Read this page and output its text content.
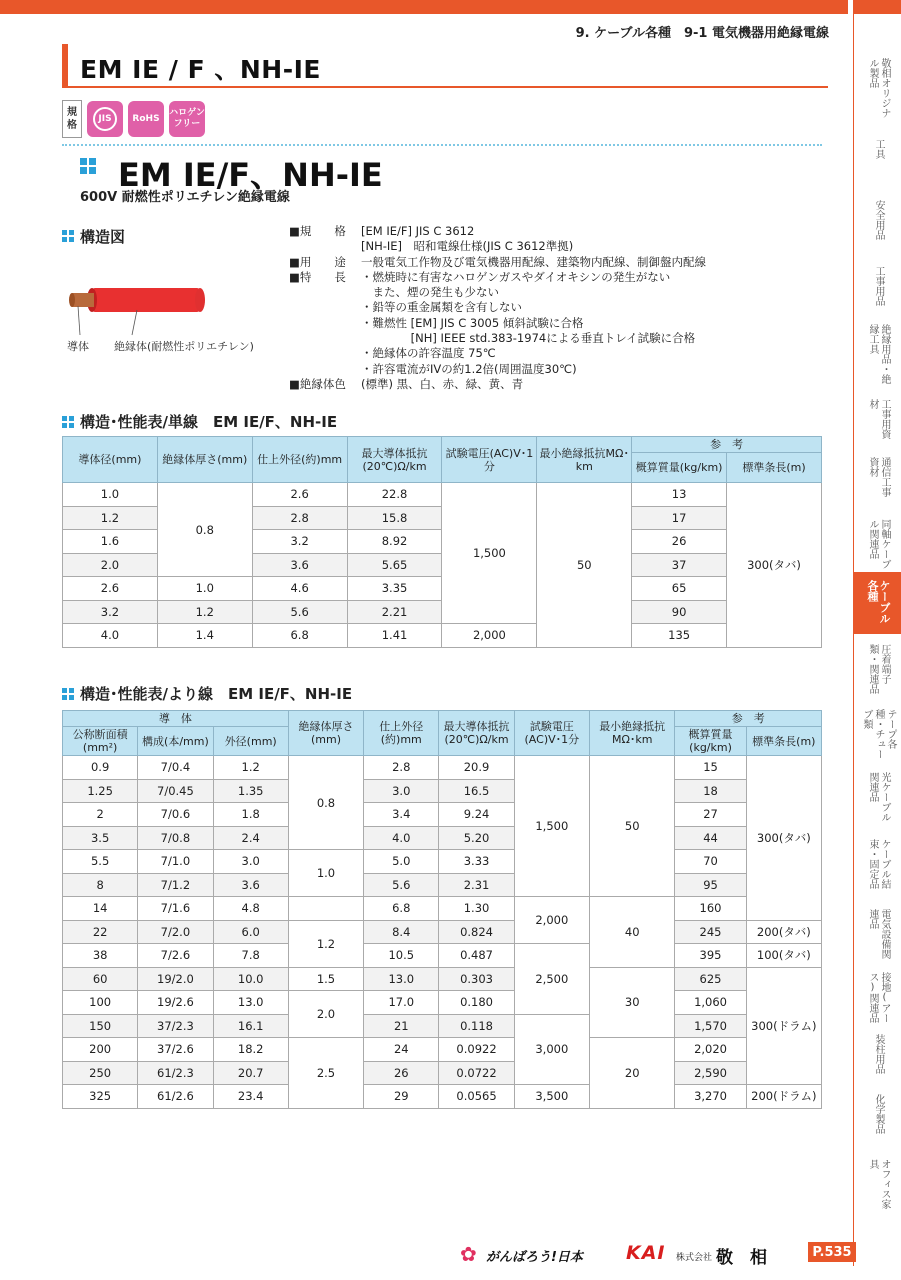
敬相オリジナル製品
工具
安全用品
工事用品
絶縁用品・絶縁工具
工事用資材
通信工事資材
同軸ケーブル関連品
ケーブル各種
圧着端子類・関連品
テープ各種・チューブ類
光ケーブル関連品
ケーブル結束・固定品
電気設備関連品
接地(アース)関連品
装柱用品
化学製品
オフィス家具
9. ケーブル各種　9-1 電気機器用絶縁電線
EM IE / F 、NH-IE
規
格
JIS	RoHS
ハロゲン フリー
EM IE/F、NH-IE
600V 耐燃性ポリエチレン絶縁電線
構造図
導体 絶縁体(耐燃性ポリエチレン)
■規　　格	[EM IE/F] JIS C 3612
[NH-IE]　昭和電線仕様(JIS C 3612準拠)
■用　　途	一般電気工作物及び電気機器用配線、建築物内配線、制御盤内配線
■特　　長	・燃焼時に有害なハロゲンガスやダイオキシンの発生がない
　また、煙の発生も少ない
・鉛等の重金属類を含有しない
・難燃性 [EM] JIS C 3005 傾斜試験に合格
　　　　 [NH] IEEE std.383-1974による垂直トレイ試験に合格
・絶縁体の許容温度 75℃
・許容電流がIVの約1.2倍(周囲温度30℃)
■絶縁体色	(標準) 黒、白、赤、緑、黄、青
構造･性能表/単線　EM IE/F、NH-IE
導体径(mm)	絶縁体厚さ(mm)	仕上外径(約)mm	最大導体抵抗(20℃)Ω/km	試験電圧(AC)V･1分	最小絶縁抵抗MΩ･km	参　考	
						概算質量(kg/km)	標準条長(m)
1.0	0.8	2.6	22.8	1,500	50	13	300(タバ)
1.2		2.8	15.8			17	
1.6		3.2	8.92			26	
2.0		3.6	5.65			37	
2.6	1.0	4.6	3.35			65	
3.2	1.2	5.6	2.21			90	
4.0	1.4	6.8	1.41	2,000		135	
構造･性能表/より線　EM IE/F、NH-IE
導　体			絶縁体厚さ(mm)	仕上外径(約)mm	最大導体抵抗(20℃)Ω/km	試験電圧(AC)V･1分	最小絶縁抵抗MΩ･km	参　考	
公称断面積(mm²)	構成(本/mm)	外径(mm)						概算質量(kg/km)	標準条長(m)
0.9	7/0.4	1.2	0.8	2.8	20.9	1,500	50	15	300(タバ)
1.25	7/0.45	1.35		3.0	16.5			18	
2	7/0.6	1.8		3.4	9.24			27	
3.5	7/0.8	2.4		4.0	5.20			44	
5.5	7/1.0	3.0	1.0	5.0	3.33			70	
8	7/1.2	3.6		5.6	2.31			95	
14	7/1.6	4.8		6.8	1.30	2,000	40	160	
22	7/2.0	6.0	1.2	8.4	0.824			245	200(タバ)
38	7/2.6	7.8		10.5	0.487	2,500		395	100(タバ)
60	19/2.0	10.0	1.5	13.0	0.303		30	625	300(ドラム)
100	19/2.6	13.0	2.0	17.0	0.180			1,060	
150	37/2.3	16.1		21	0.118	3,000		1,570	
200	37/2.6	18.2	2.5	24	0.0922		20	2,020	
250	61/2.3	20.7		26	0.0722			2,590	
325	61/2.6	23.4		29	0.0565	3,500		3,270	200(ドラム)
✿ がんばろう!日本 KAI 株式会社 敬　相	P.535
